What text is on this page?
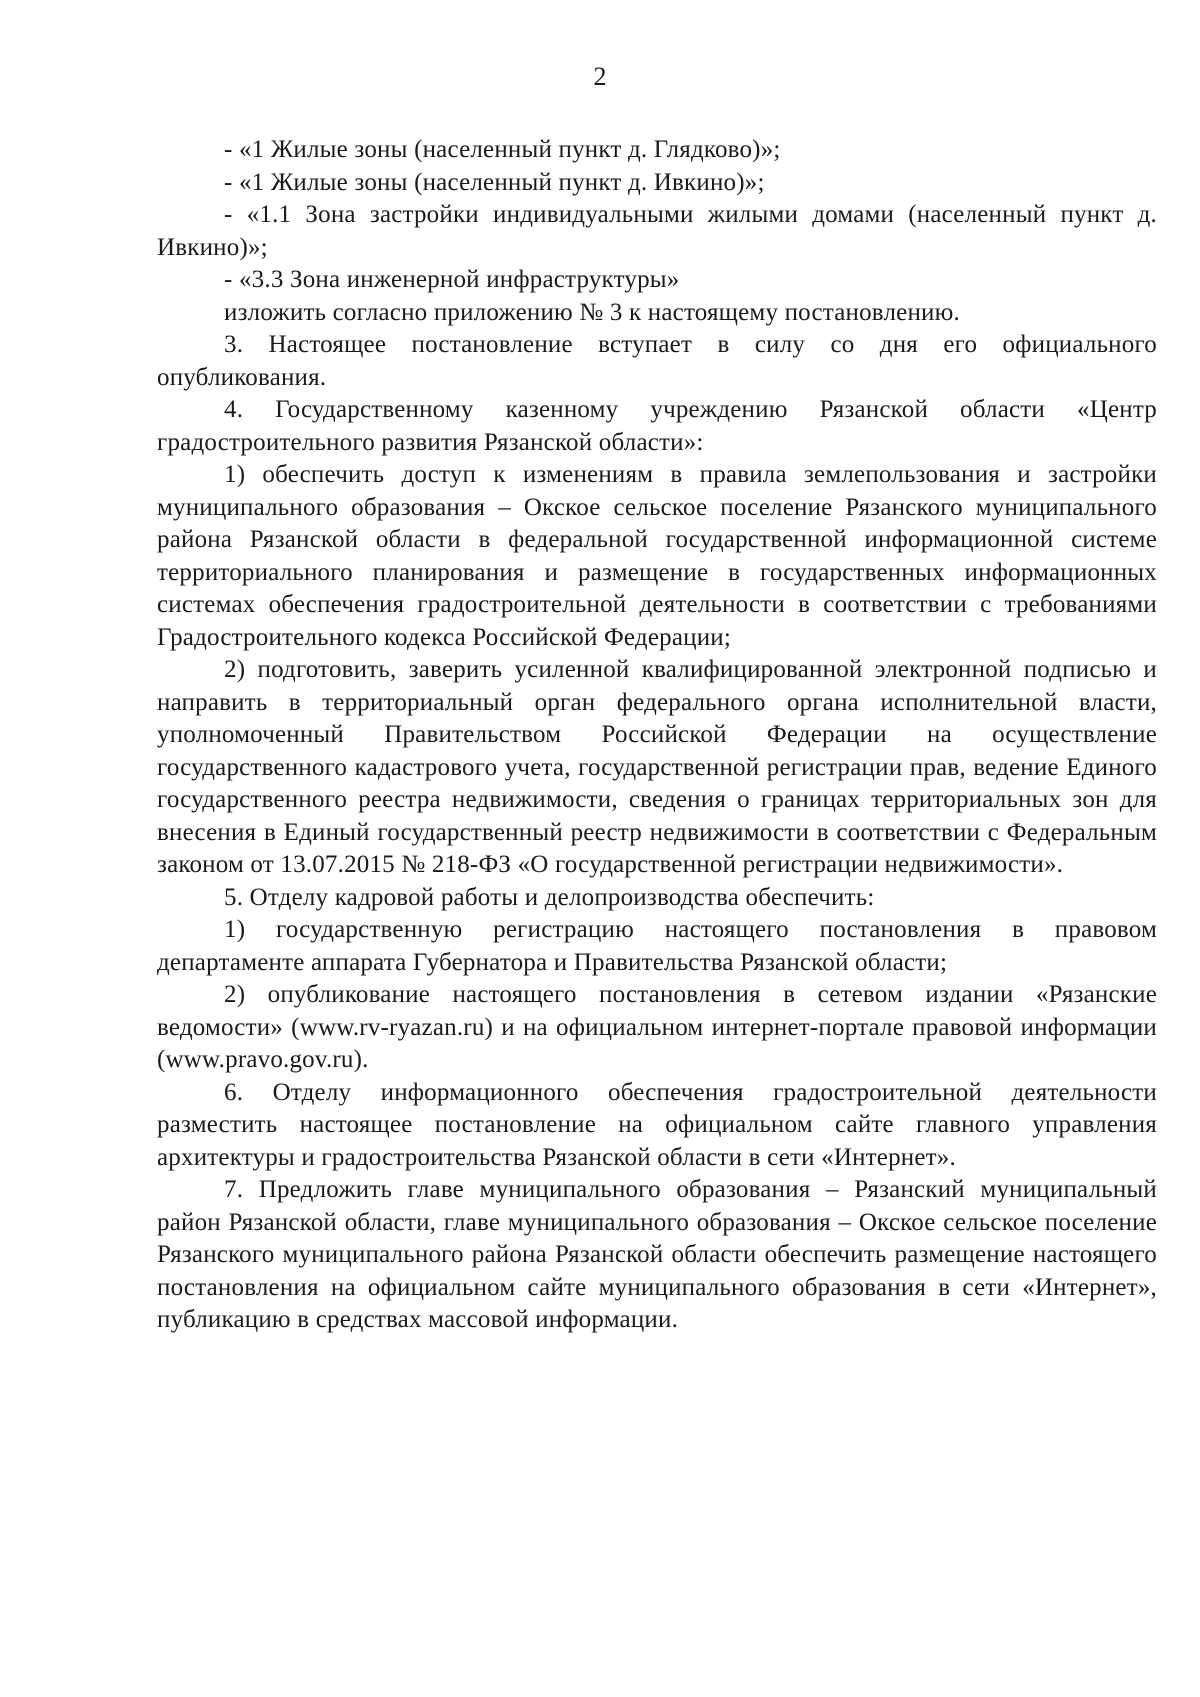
2

- «1 Жилые зоны (населенный пункт д. Глядково)»;

- «1 Жилые зоны (населенный пункт д. Ивкино)»;

- «1.1 Зона застройки индивидуальными жилыми домами (населенный пункт д. Ивкино)»;

- «3.3 Зона инженерной инфраструктуры»

изложить согласно приложению № 3 к настоящему постановлению.

3. Настоящее постановление вступает в силу со дня его официального опубликования.

4. Государственному казенному учреждению Рязанской области «Центр градостроительного развития Рязанской области»:

1) обеспечить доступ к изменениям в правила землепользования и застройки муниципального образования – Окское сельское поселение Рязанского муниципального района Рязанской области в федеральной государственной информационной системе территориального планирования и размещение в государственных информационных системах обеспечения градостроительной деятельности в соответствии с требованиями Градостроительного кодекса Российской Федерации;

2) подготовить, заверить усиленной квалифицированной электронной подписью и направить в территориальный орган федерального органа исполнительной власти, уполномоченный Правительством Российской Федерации на осуществление государственного кадастрового учета, государственной регистрации прав, ведение Единого государственного реестра недвижимости, сведения о границах территориальных зон для внесения в Единый государственный реестр недвижимости в соответствии с Федеральным законом от 13.07.2015 № 218-ФЗ «О государственной регистрации недвижимости».

5. Отделу кадровой работы и делопроизводства обеспечить:

1) государственную регистрацию настоящего постановления в правовом департаменте аппарата Губернатора и Правительства Рязанской области;

2) опубликование настоящего постановления в сетевом издании «Рязанские ведомости» (www.rv-ryazan.ru) и на официальном интернет-портале правовой информации (www.pravo.gov.ru).

6. Отделу информационного обеспечения градостроительной деятельности разместить настоящее постановление на официальном сайте главного управления архитектуры и градостроительства Рязанской области в сети «Интернет».

7. Предложить главе муниципального образования – Рязанский муниципальный район Рязанской области, главе муниципального образования – Окское сельское поселение Рязанского муниципального района Рязанской области обеспечить размещение настоящего постановления на официальном сайте муниципального образования в сети «Интернет», публикацию в средствах массовой информации.
